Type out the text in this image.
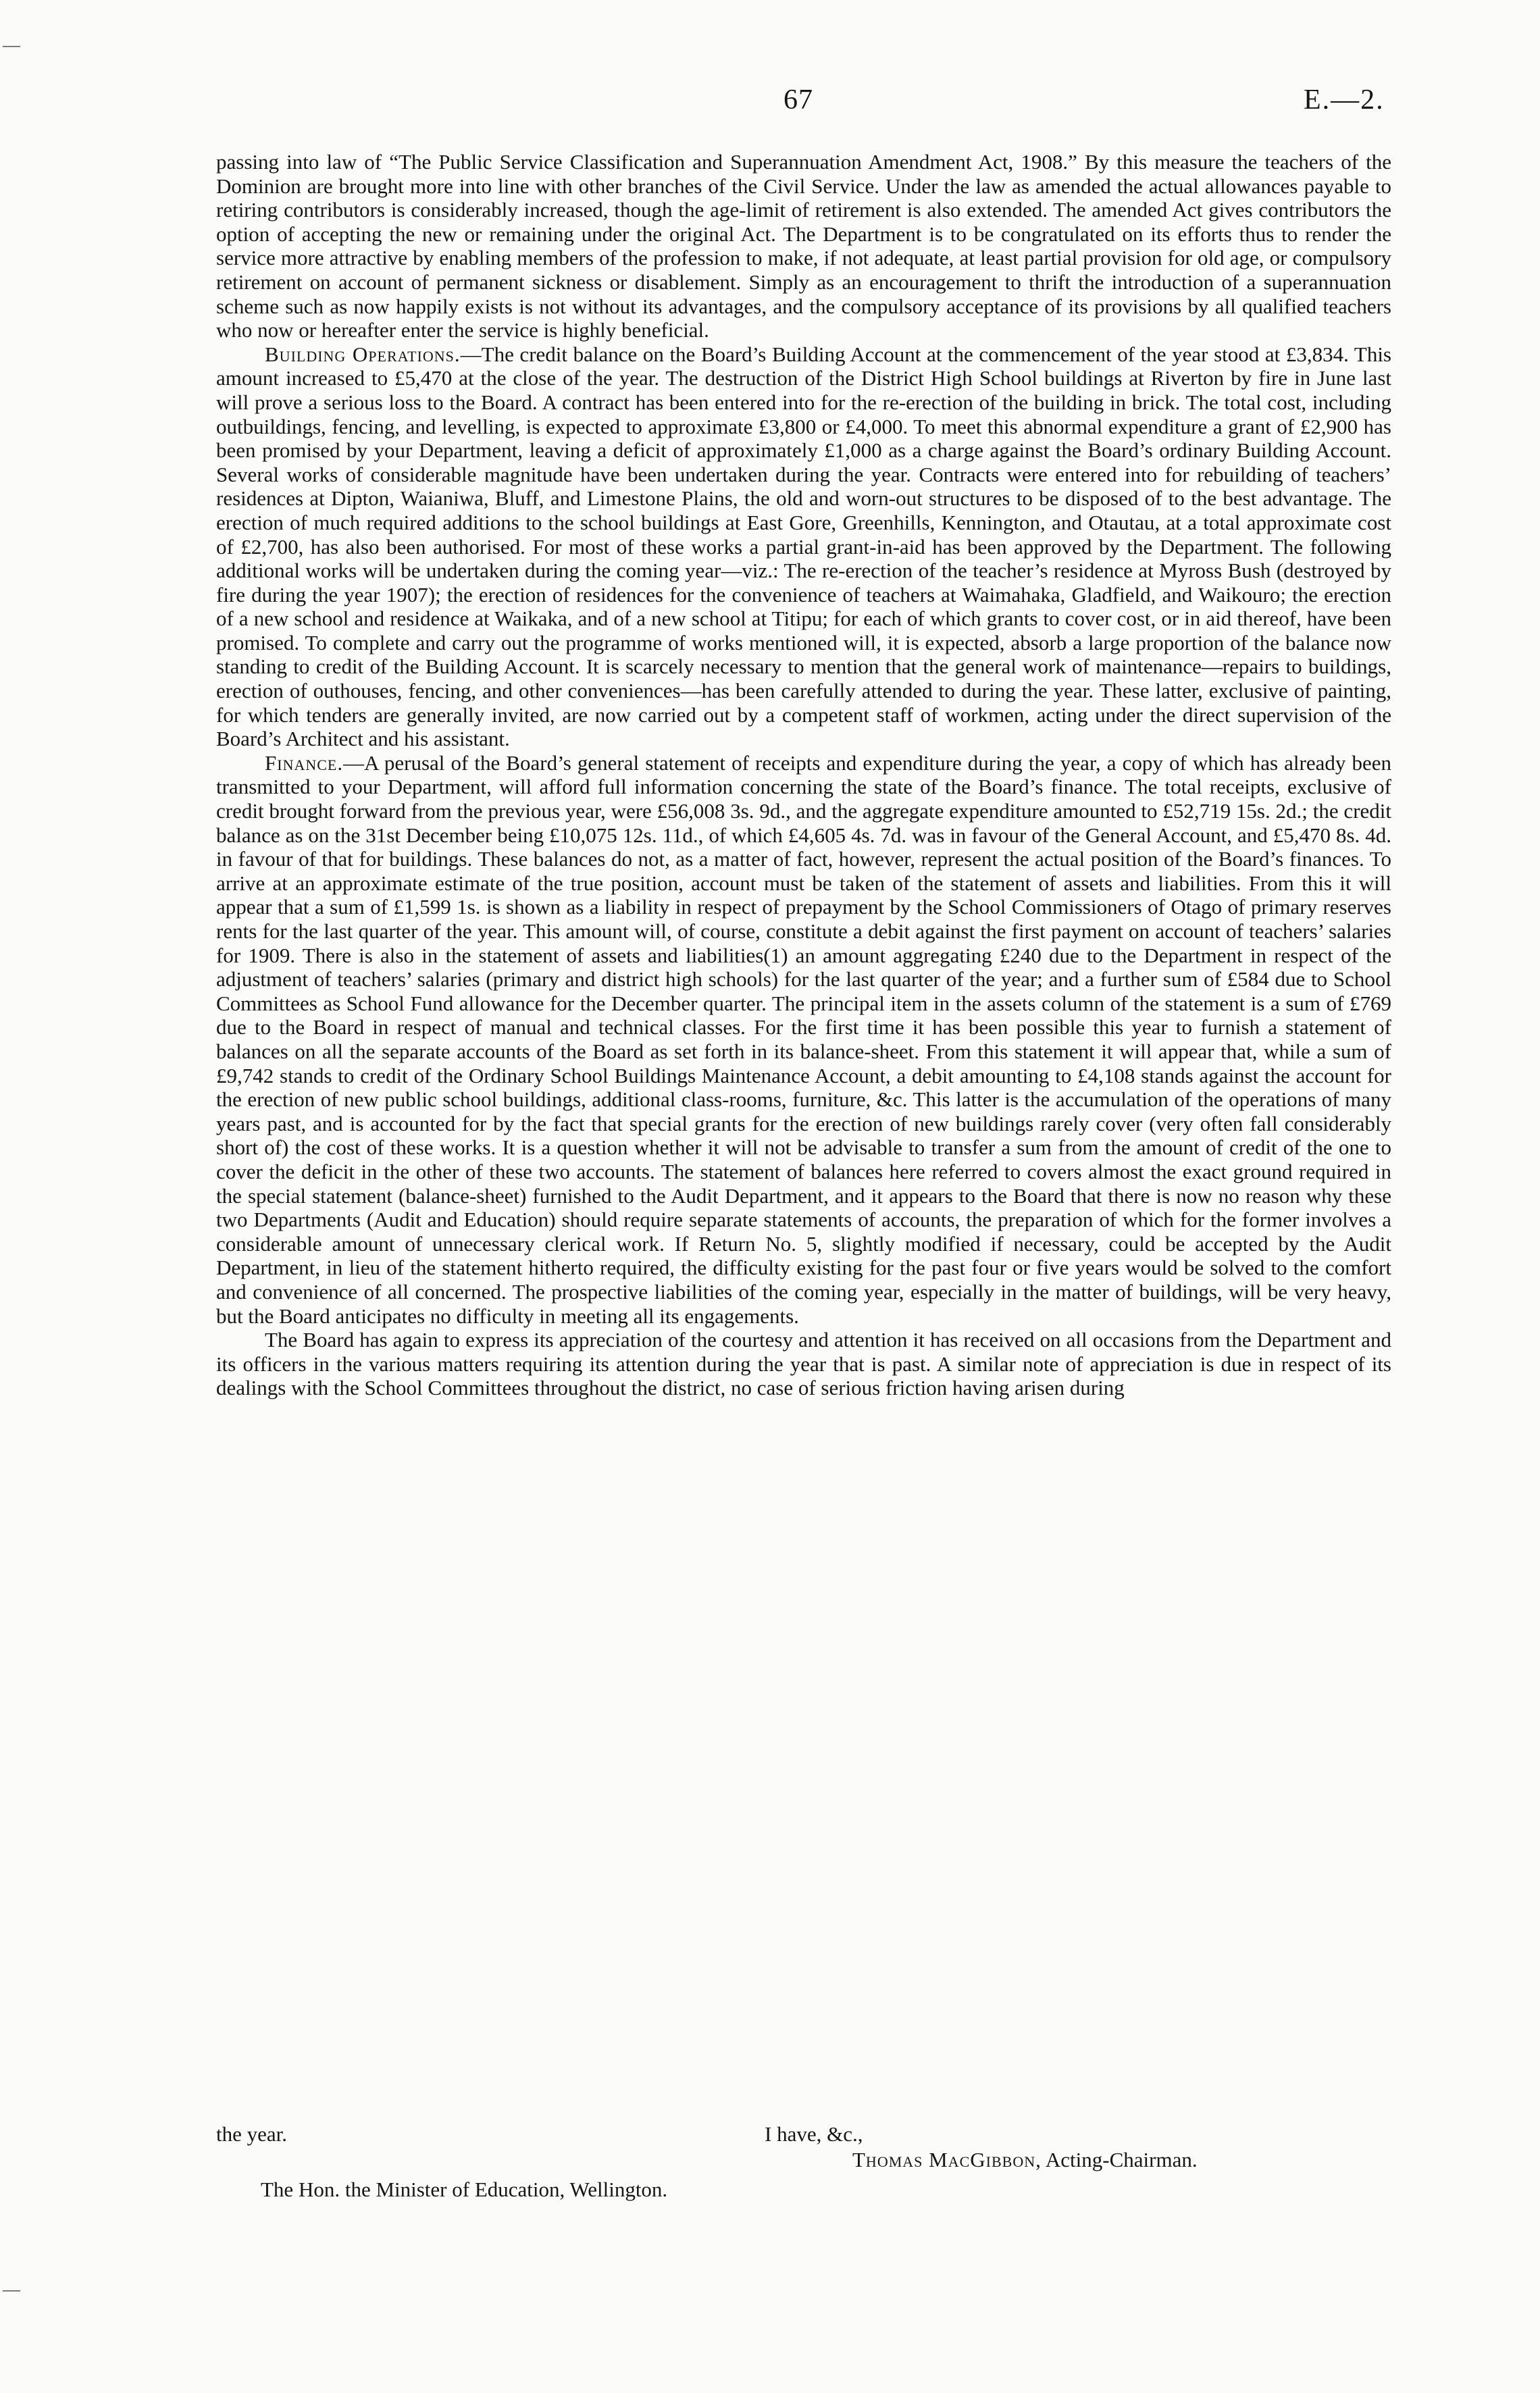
67	E.—2.
—
—

passing into law of “The Public Service Classification and Superannuation Amendment Act, 1908.” By this measure the teachers of the Dominion are brought more into line with other branches of the Civil Service. Under the law as amended the actual allowances payable to retiring contributors is considerably increased, though the age-limit of retirement is also extended. The amended Act gives contributors the option of accepting the new or remaining under the original Act. The Department is to be congratulated on its efforts thus to render the service more attractive by enabling members of the profession to make, if not adequate, at least partial provision for old age, or compulsory retirement on account of permanent sickness or disablement. Simply as an encouragement to thrift the introduction of a superannuation scheme such as now happily exists is not without its advantages, and the compulsory acceptance of its provisions by all qualified teachers who now or hereafter enter the service is highly beneficial.

Building Operations.—The credit balance on the Board’s Building Account at the commencement of the year stood at £3,834. This amount increased to £5,470 at the close of the year. The destruction of the District High School buildings at Riverton by fire in June last will prove a serious loss to the Board. A contract has been entered into for the re-erection of the building in brick. The total cost, including outbuildings, fencing, and levelling, is expected to approximate £3,800 or £4,000. To meet this abnormal expenditure a grant of £2,900 has been promised by your Department, leaving a deficit of approximately £1,000 as a charge against the Board’s ordinary Building Account. Several works of considerable magnitude have been undertaken during the year. Contracts were entered into for rebuilding of teachers’ residences at Dipton, Waianiwa, Bluff, and Limestone Plains, the old and worn-out structures to be disposed of to the best advantage. The erection of much required additions to the school buildings at East Gore, Greenhills, Kennington, and Otautau, at a total approximate cost of £2,700, has also been authorised. For most of these works a partial grant-in-aid has been approved by the Department. The following additional works will be undertaken during the coming year—viz.: The re-erection of the teacher’s residence at Myross Bush (destroyed by fire during the year 1907); the erection of residences for the convenience of teachers at Waimahaka, Gladfield, and Waikouro; the erection of a new school and residence at Waikaka, and of a new school at Titipu; for each of which grants to cover cost, or in aid thereof, have been promised. To complete and carry out the programme of works mentioned will, it is expected, absorb a large proportion of the balance now standing to credit of the Building Account. It is scarcely necessary to mention that the general work of maintenance—repairs to buildings, erection of outhouses, fencing, and other conveniences—has been carefully attended to during the year. These latter, exclusive of painting, for which tenders are generally invited, are now carried out by a competent staff of workmen, acting under the direct supervision of the Board’s Architect and his assistant.

Finance.—A perusal of the Board’s general statement of receipts and expenditure during the year, a copy of which has already been transmitted to your Department, will afford full information concerning the state of the Board’s finance. The total receipts, exclusive of credit brought forward from the previous year, were £56,008 3s. 9d., and the aggregate expenditure amounted to £52,719 15s. 2d.; the credit balance as on the 31st December being £10,075 12s. 11d., of which £4,605 4s. 7d. was in favour of the General Account, and £5,470 8s. 4d. in favour of that for buildings. These balances do not, as a matter of fact, however, represent the actual position of the Board’s finances. To arrive at an approximate estimate of the true position, account must be taken of the statement of assets and liabilities. From this it will appear that a sum of £1,599 1s. is shown as a liability in respect of prepayment by the School Commissioners of Otago of primary reserves rents for the last quarter of the year. This amount will, of course, constitute a debit against the first payment on account of teachers’ salaries for 1909. There is also in the statement of assets and liabilities(1) an amount aggregating £240 due to the Department in respect of the adjustment of teachers’ salaries (primary and district high schools) for the last quarter of the year; and a further sum of £584 due to School Committees as School Fund allowance for the December quarter. The principal item in the assets column of the statement is a sum of £769 due to the Board in respect of manual and technical classes. For the first time it has been possible this year to furnish a statement of balances on all the separate accounts of the Board as set forth in its balance-sheet. From this statement it will appear that, while a sum of £9,742 stands to credit of the Ordinary School Buildings Maintenance Account, a debit amounting to £4,108 stands against the account for the erection of new public school buildings, additional class-rooms, furniture, &c. This latter is the accumulation of the operations of many years past, and is accounted for by the fact that special grants for the erection of new buildings rarely cover (very often fall considerably short of) the cost of these works. It is a question whether it will not be advisable to transfer a sum from the amount of credit of the one to cover the deficit in the other of these two accounts. The statement of balances here referred to covers almost the exact ground required in the special statement (balance-sheet) furnished to the Audit Department, and it appears to the Board that there is now no reason why these two Departments (Audit and Education) should require separate statements of accounts, the preparation of which for the former involves a considerable amount of unnecessary clerical work. If Return No. 5, slightly modified if necessary, could be accepted by the Audit Department, in lieu of the statement hitherto required, the difficulty existing for the past four or five years would be solved to the comfort and convenience of all concerned. The prospective liabilities of the coming year, especially in the matter of buildings, will be very heavy, but the Board anticipates no difficulty in meeting all its engagements.

The Board has again to express its appreciation of the courtesy and attention it has received on all occasions from the Department and its officers in the various matters requiring its attention during the year that is past. A similar note of appreciation is due in respect of its dealings with the School Committees throughout the district, no case of serious friction having arisen during

the year.	I have, &c.,
Thomas MacGibbon, Acting-Chairman.
The Hon. the Minister of Education, Wellington.
